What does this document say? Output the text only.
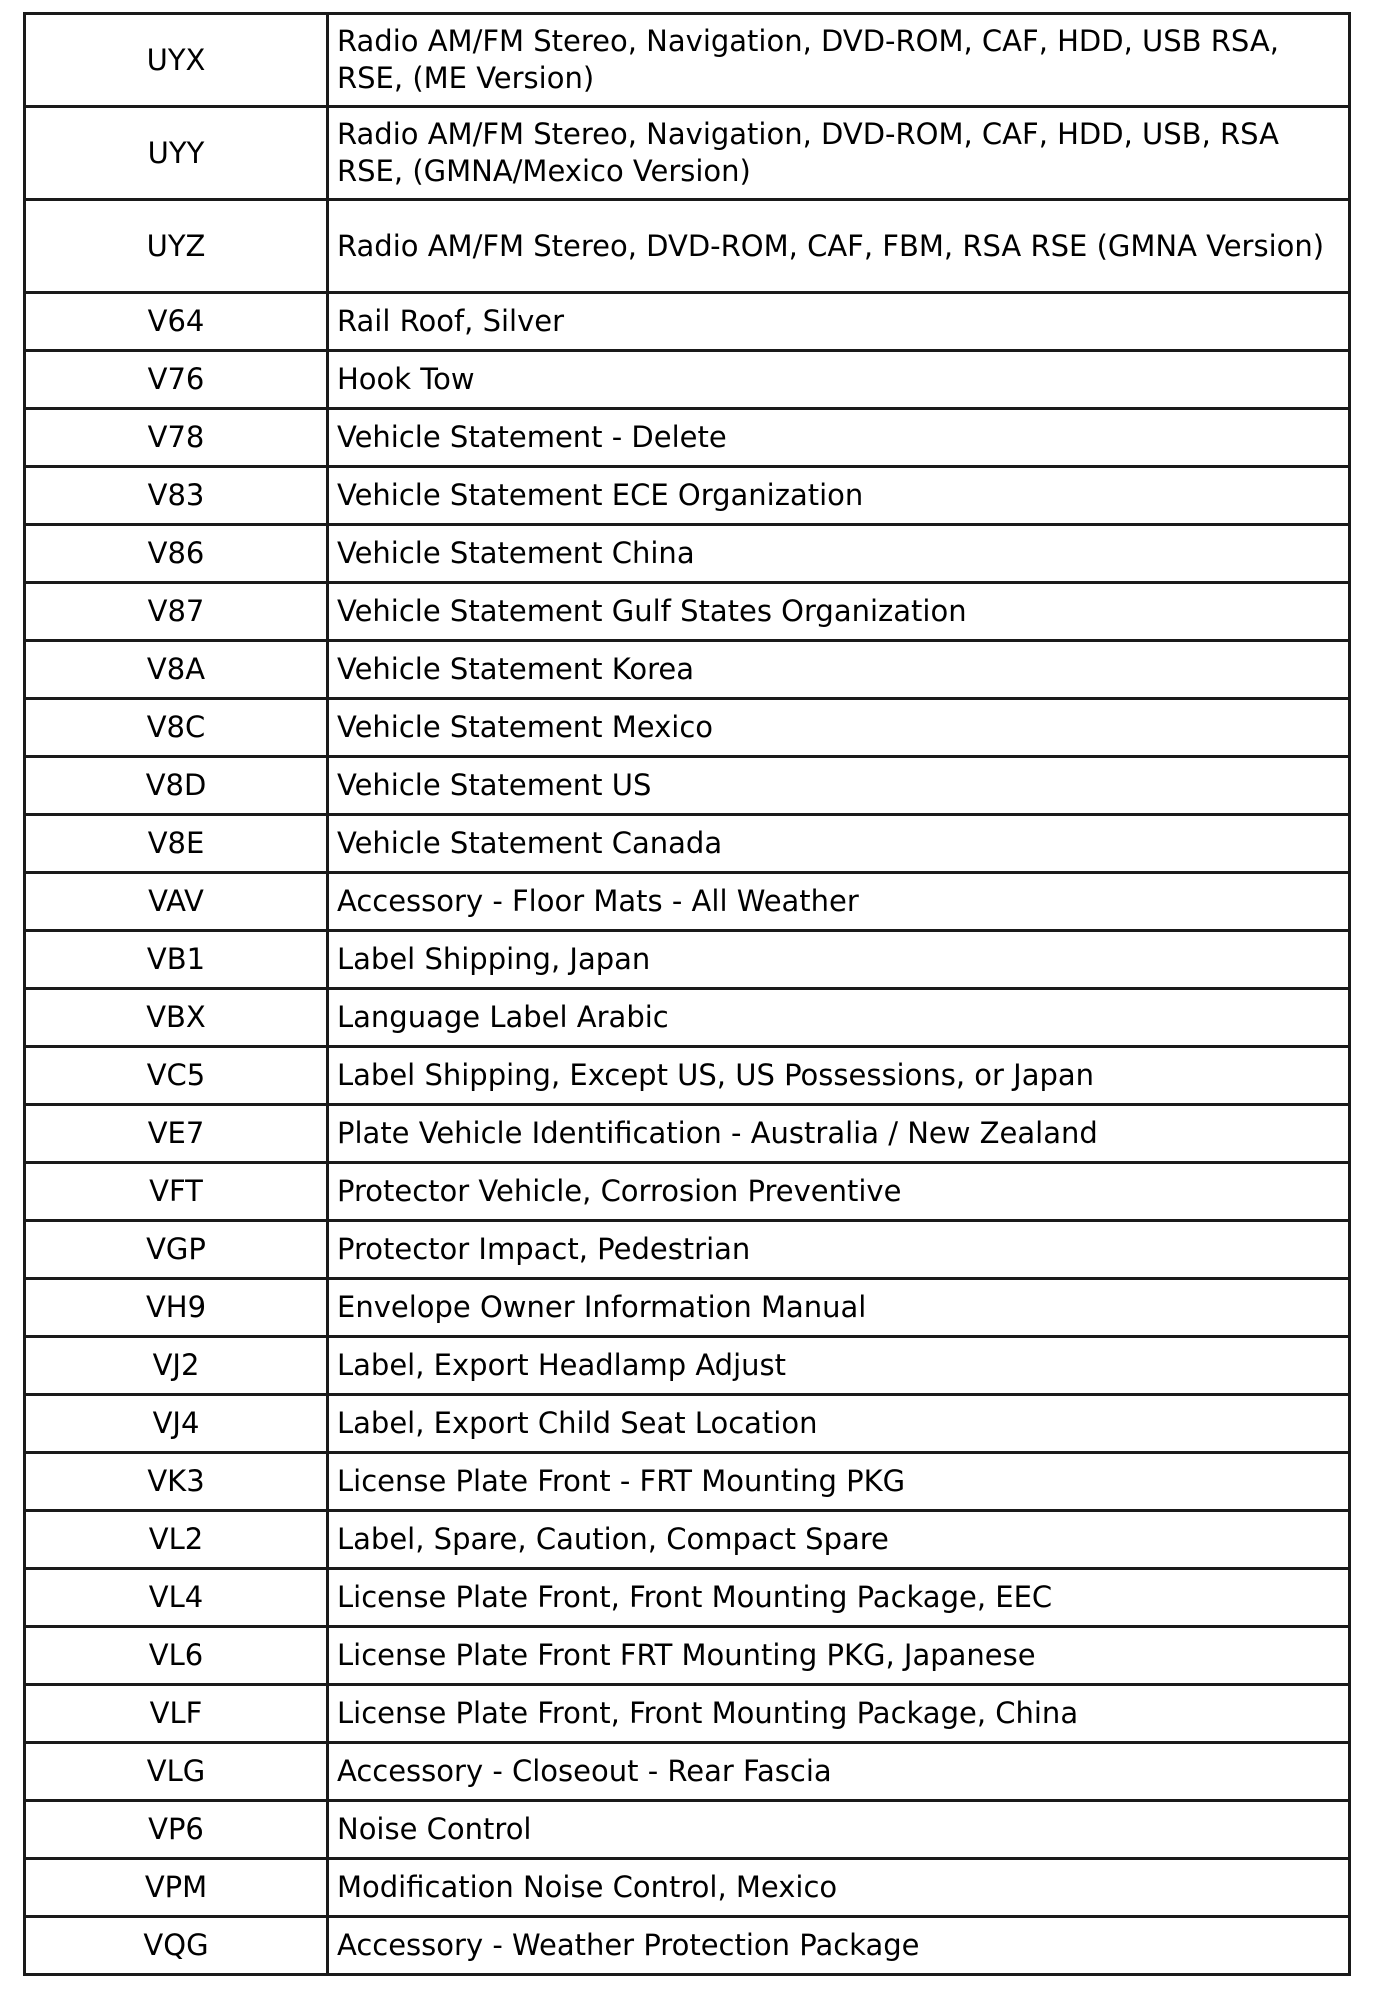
UYX	Radio AM/FM Stereo, Navigation, DVD-ROM, CAF, HDD, USB RSA, RSE, (ME Version)
UYY	Radio AM/FM Stereo, Navigation, DVD-ROM, CAF, HDD, USB, RSA RSE, (GMNA/Mexico Version)
UYZ	Radio AM/FM Stereo, DVD-ROM, CAF, FBM, RSA RSE (GMNA Version)
V64	Rail Roof, Silver
V76	Hook Tow
V78	Vehicle Statement - Delete
V83	Vehicle Statement ECE Organization
V86	Vehicle Statement China
V87	Vehicle Statement Gulf States Organization
V8A	Vehicle Statement Korea
V8C	Vehicle Statement Mexico
V8D	Vehicle Statement US
V8E	Vehicle Statement Canada
VAV	Accessory - Floor Mats - All Weather
VB1	Label Shipping, Japan
VBX	Language Label Arabic
VC5	Label Shipping, Except US, US Possessions, or Japan
VE7	Plate Vehicle Identification - Australia / New Zealand
VFT	Protector Vehicle, Corrosion Preventive
VGP	Protector Impact, Pedestrian
VH9	Envelope Owner Information Manual
VJ2	Label, Export Headlamp Adjust
VJ4	Label, Export Child Seat Location
VK3	License Plate Front - FRT Mounting PKG
VL2	Label, Spare, Caution, Compact Spare
VL4	License Plate Front, Front Mounting Package, EEC
VL6	License Plate Front FRT Mounting PKG, Japanese
VLF	License Plate Front, Front Mounting Package, China
VLG	Accessory - Closeout - Rear Fascia
VP6	Noise Control
VPM	Modification Noise Control, Mexico
VQG	Accessory - Weather Protection Package
